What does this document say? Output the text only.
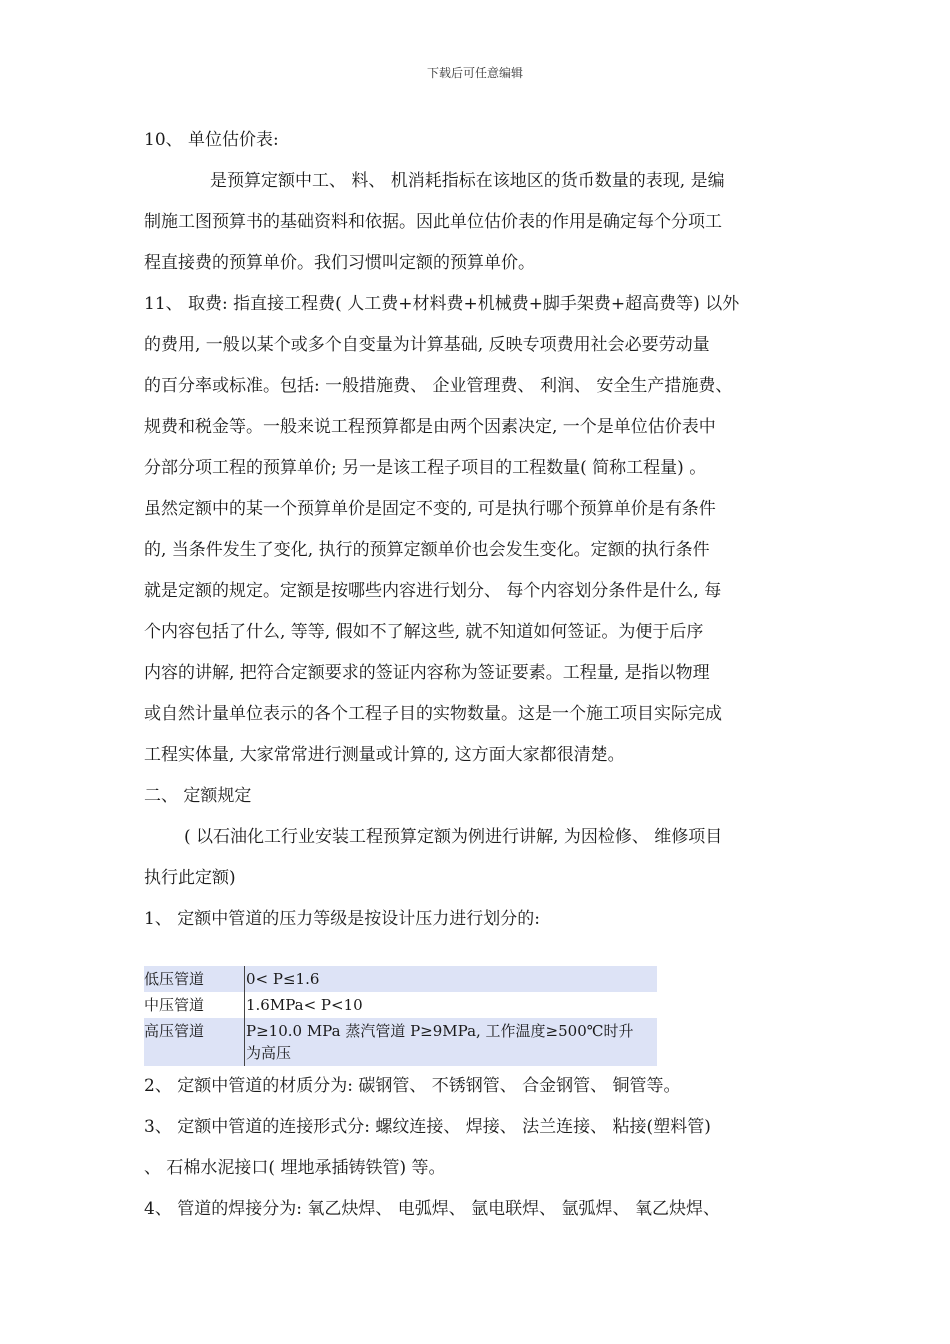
下载后可任意编辑
10、 单位估价表:
是预算定额中工、 料、 机消耗指标在该地区的货币数量的表现, 是编
制施工图预算书的基础资料和依据。因此单位估价表的作用是确定每个分项工
程直接费的预算单价。我们习惯叫定额的预算单价。
11、 取费: 指直接工程费( 人工费+材料费+机械费+脚手架费+超高费等) 以外
的费用, 一般以某个或多个自变量为计算基础, 反映专项费用社会必要劳动量
的百分率或标准。包括: 一般措施费、 企业管理费、 利润、 安全生产措施费、
规费和税金等。一般来说工程预算都是由两个因素决定, 一个是单位估价表中
分部分项工程的预算单价; 另一是该工程子项目的工程数量( 简称工程量) 。
虽然定额中的某一个预算单价是固定不变的, 可是执行哪个预算单价是有条件
的, 当条件发生了变化, 执行的预算定额单价也会发生变化。定额的执行条件
就是定额的规定。定额是按哪些内容进行划分、 每个内容划分条件是什么, 每
个内容包括了什么, 等等, 假如不了解这些, 就不知道如何签证。为便于后序
内容的讲解, 把符合定额要求的签证内容称为签证要素。工程量, 是指以物理
或自然计量单位表示的各个工程子目的实物数量。这是一个施工项目实际完成
工程实体量, 大家常常进行测量或计算的, 这方面大家都很清楚。
二、 定额规定
( 以石油化工行业安装工程预算定额为例进行讲解, 为因检修、 维修项目
执行此定额)
1、 定额中管道的压力等级是按设计压力进行划分的:
低压管道	0< P≤1.6
中压管道	1.6MPa< P<10
高压管道	P≥10.0 MPa 蒸汽管道 P≥9MPa, 工作温度≥500℃时升
为高压
2、 定额中管道的材质分为: 碳钢管、 不锈钢管、 合金钢管、 铜管等。
3、 定额中管道的连接形式分: 螺纹连接、 焊接、 法兰连接、 粘接(塑料管)
、 石棉水泥接口( 埋地承插铸铁管) 等。
4、 管道的焊接分为: 氧乙炔焊、 电弧焊、 氩电联焊、 氩弧焊、 氧乙炔焊、
